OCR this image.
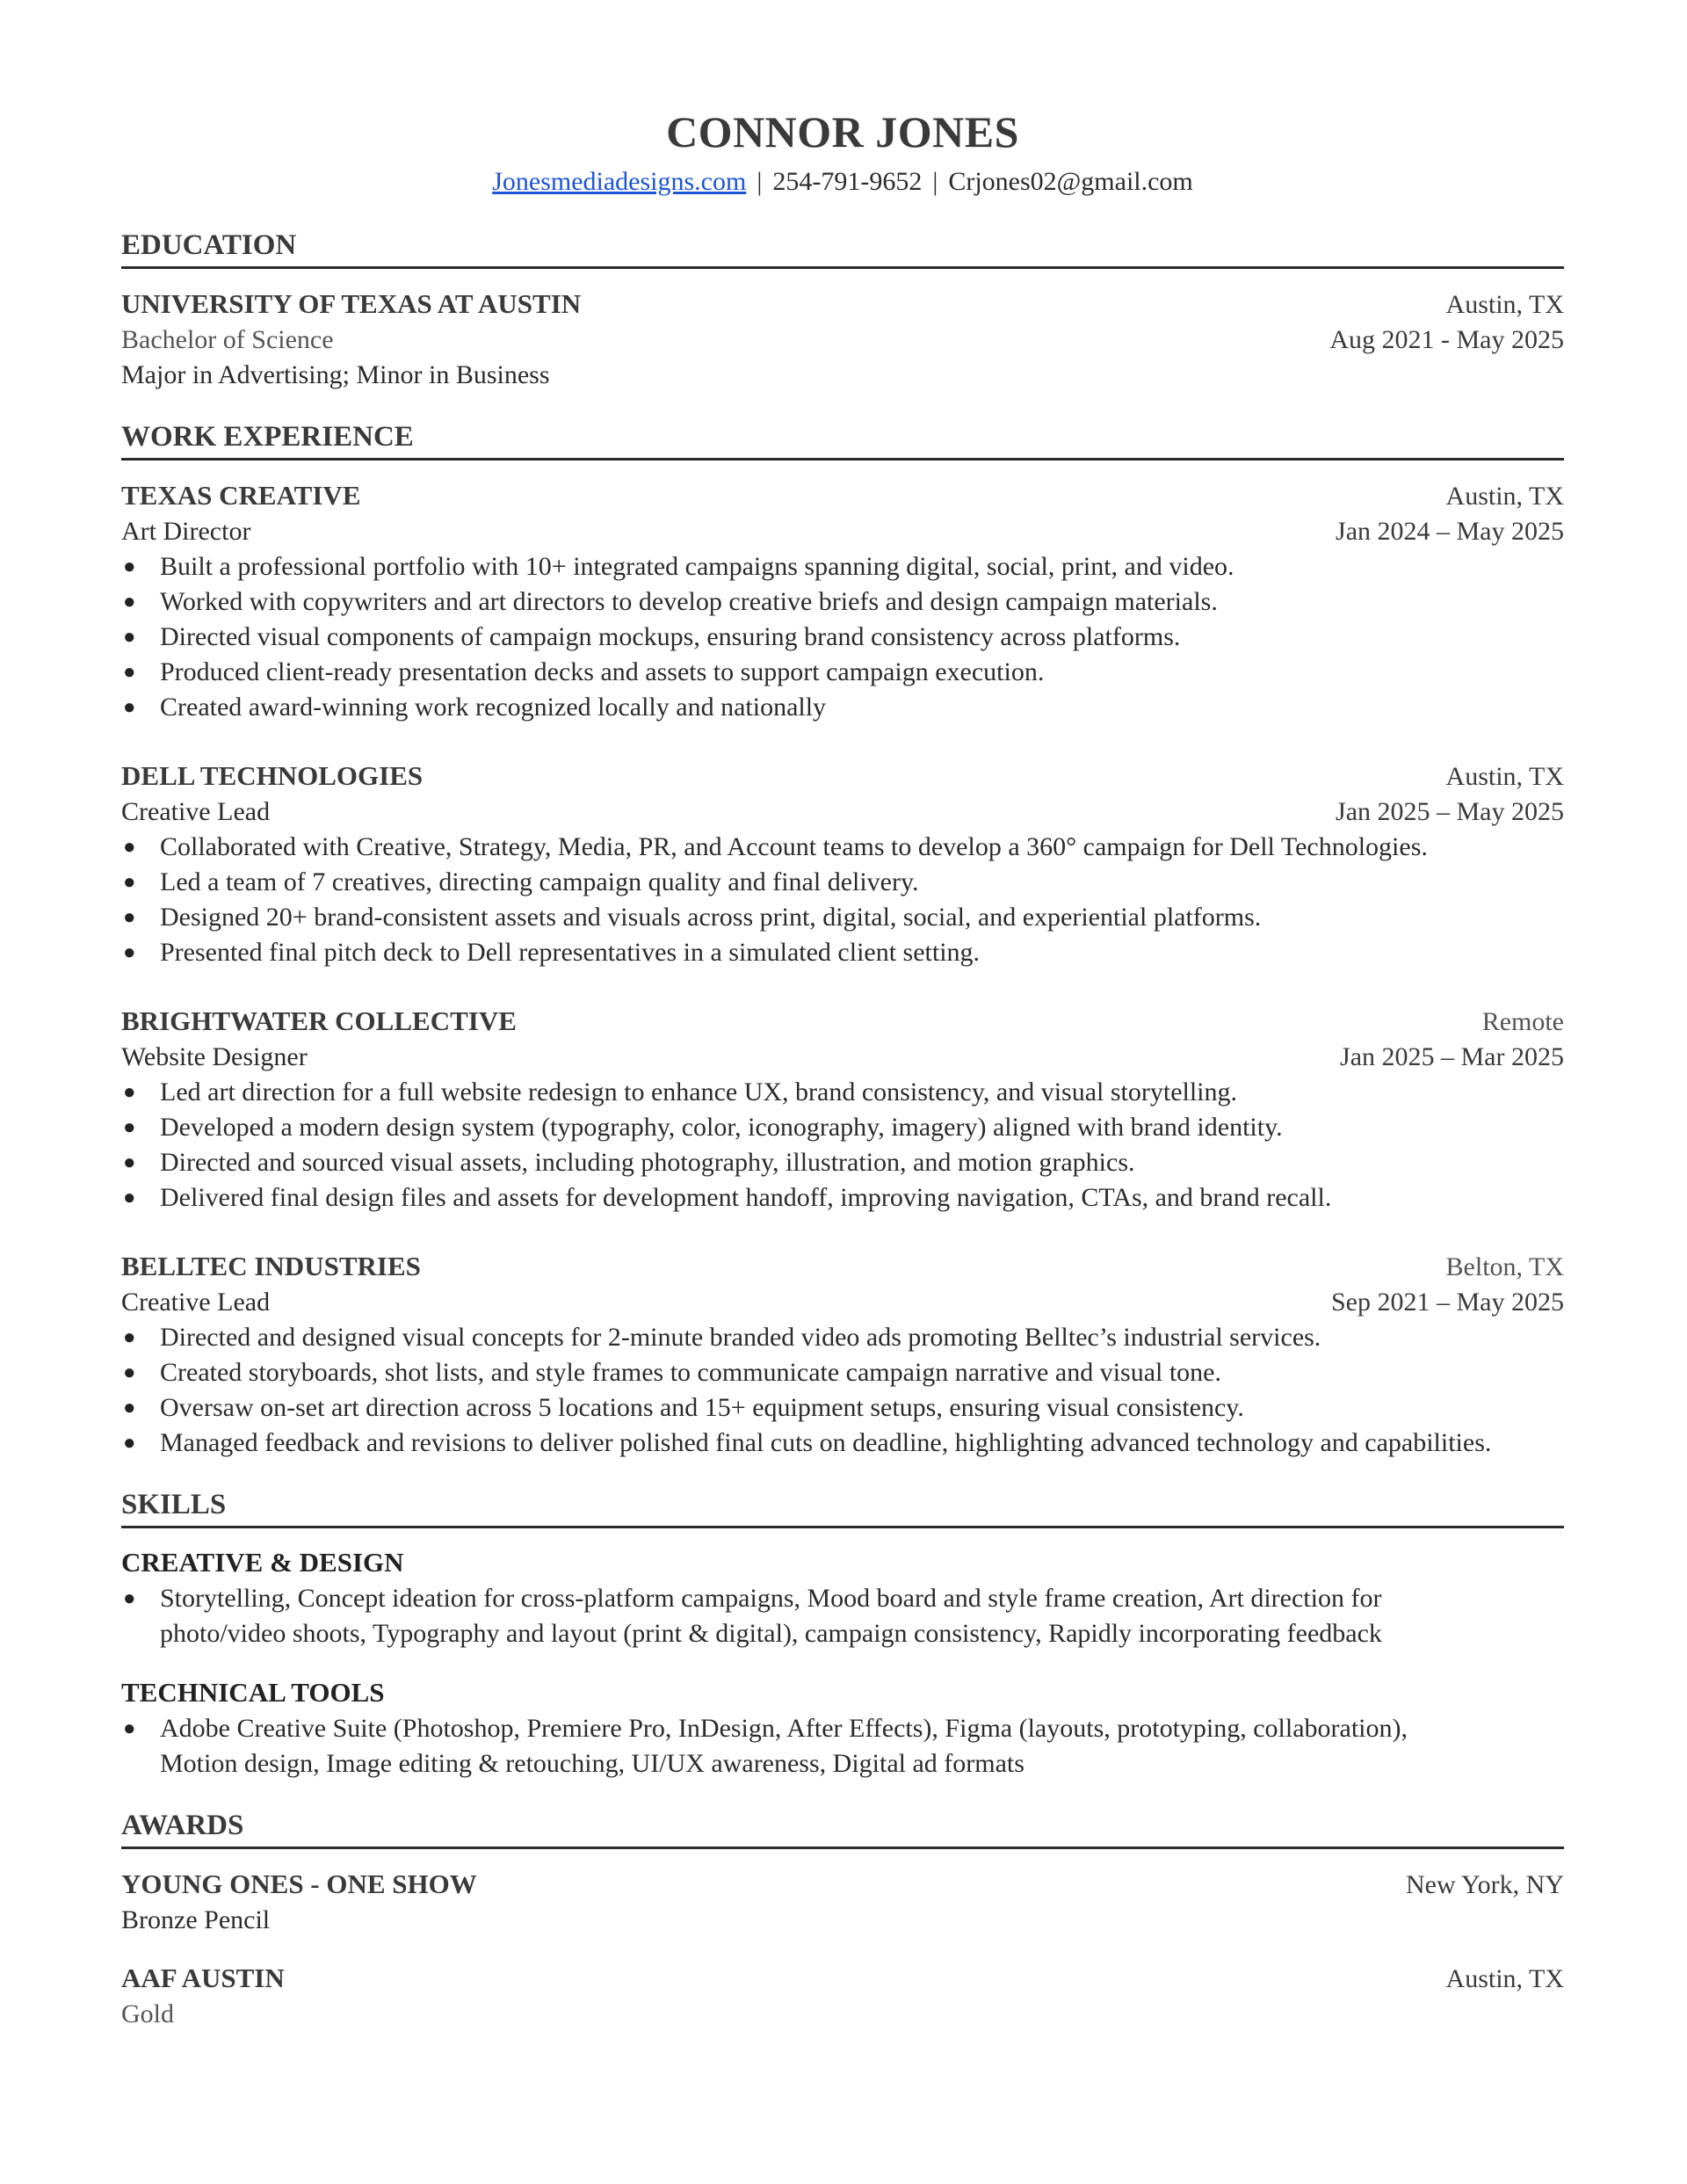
CONNOR JONES
Jonesmediadesigns.com | 254-791-9652 | Crjones02@gmail.com
EDUCATION
UNIVERSITY OF TEXAS AT AUSTIN	Austin, TX
Bachelor of Science	Aug 2021 - May 2025
Major in Advertising; Minor in Business
WORK EXPERIENCE
TEXAS CREATIVE	Austin, TX
Art Director	Jan 2024 – May 2025
● Built a professional portfolio with 10+ integrated campaigns spanning digital, social, print, and video.
● Worked with copywriters and art directors to develop creative briefs and design campaign materials.
● Directed visual components of campaign mockups, ensuring brand consistency across platforms.
● Produced client-ready presentation decks and assets to support campaign execution.
● Created award-winning work recognized locally and nationally
DELL TECHNOLOGIES	Austin, TX
Creative Lead	Jan 2025 – May 2025
● Collaborated with Creative, Strategy, Media, PR, and Account teams to develop a 360° campaign for Dell Technologies.
● Led a team of 7 creatives, directing campaign quality and final delivery.
● Designed 20+ brand-consistent assets and visuals across print, digital, social, and experiential platforms.
● Presented final pitch deck to Dell representatives in a simulated client setting.
BRIGHTWATER COLLECTIVE	Remote
Website Designer	Jan 2025 – Mar 2025
● Led art direction for a full website redesign to enhance UX, brand consistency, and visual storytelling.
● Developed a modern design system (typography, color, iconography, imagery) aligned with brand identity.
● Directed and sourced visual assets, including photography, illustration, and motion graphics.
● Delivered final design files and assets for development handoff, improving navigation, CTAs, and brand recall.
BELLTEC INDUSTRIES	Belton, TX
Creative Lead	Sep 2021 – May 2025
● Directed and designed visual concepts for 2-minute branded video ads promoting Belltec’s industrial services.
● Created storyboards, shot lists, and style frames to communicate campaign narrative and visual tone.
● Oversaw on-set art direction across 5 locations and 15+ equipment setups, ensuring visual consistency.
● Managed feedback and revisions to deliver polished final cuts on deadline, highlighting advanced technology and capabilities.
SKILLS
CREATIVE & DESIGN
● Storytelling, Concept ideation for cross-platform campaigns, Mood board and style frame creation, Art direction for
photo/video shoots, Typography and layout (print & digital), campaign consistency, Rapidly incorporating feedback
TECHNICAL TOOLS
● Adobe Creative Suite (Photoshop, Premiere Pro, InDesign, After Effects), Figma (layouts, prototyping, collaboration),
Motion design, Image editing & retouching, UI/UX awareness, Digital ad formats
AWARDS
YOUNG ONES - ONE SHOW	New York, NY
Bronze Pencil
AAF AUSTIN	Austin, TX
Gold
